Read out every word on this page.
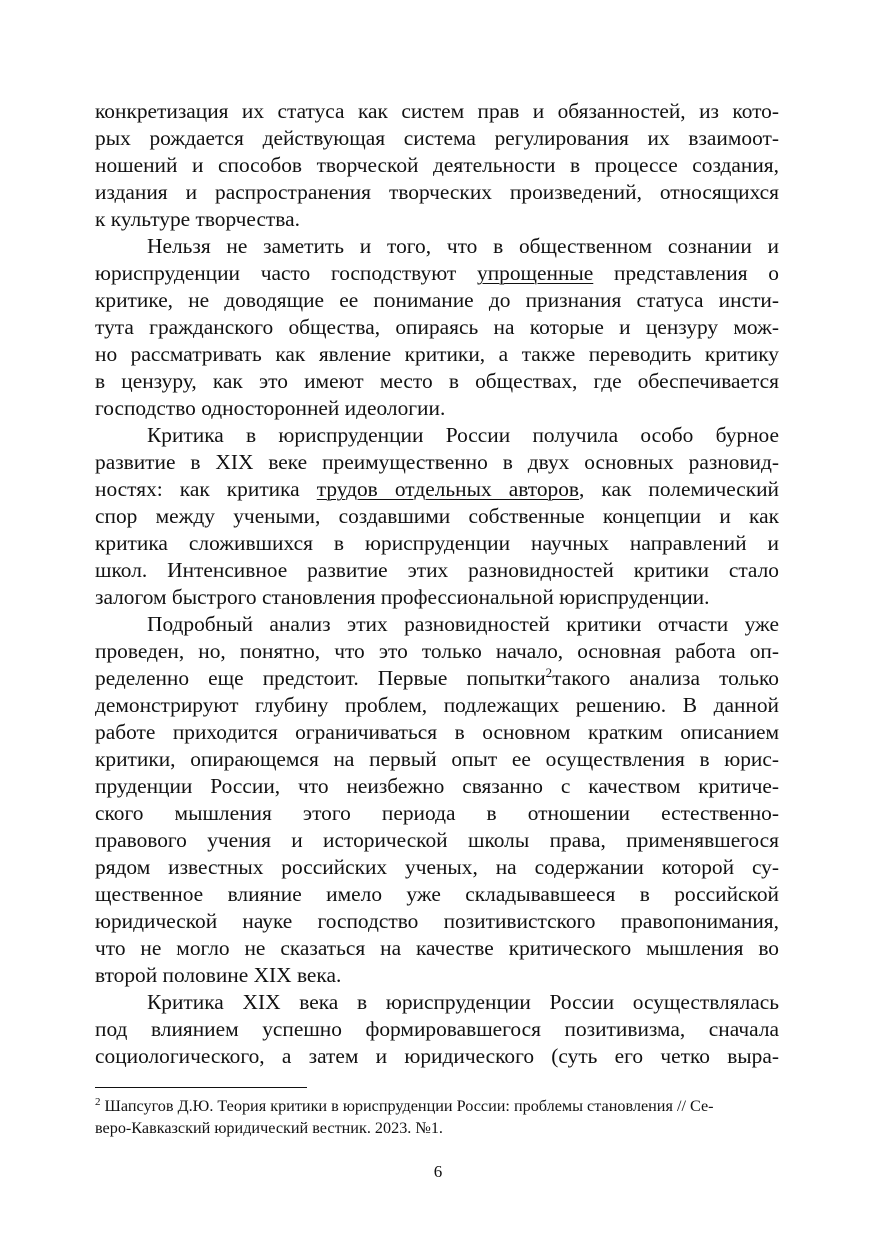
конкретизация их статуса как систем прав и обязанностей, из кото-
рых рождается действующая система регулирования их взаимоот-
ношений и способов творческой деятельности в процессе создания,
издания и распространения творческих произведений, относящихся
к культуре творчества.
Нельзя не заметить и того, что в общественном сознании и
юриспруденции часто господствуют упрощенные представления о
критике, не доводящие ее понимание до признания статуса инсти-
тута гражданского общества, опираясь на которые и цензуру мож-
но рассматривать как явление критики, а также переводить критику
в цензуру, как это имеют место в обществах, где обеспечивается
господство односторонней идеологии.
Критика в юриспруденции России получила особо бурное
развитие в XIX веке преимущественно в двух основных разновид-
ностях: как критика трудов отдельных авторов, как полемический
спор между учеными, создавшими собственные концепции и как
критика сложившихся в юриспруденции научных направлений и
школ. Интенсивное развитие этих разновидностей критики стало
залогом быстрого становления профессиональной юриспруденции.
Подробный анализ этих разновидностей критики отчасти уже
проведен, но, понятно, что это только начало, основная работа оп-
ределенно еще предстоит. Первые попытки$^2$такого анализа только
демонстрируют глубину проблем, подлежащих решению. В данной
работе приходится ограничиваться в основном кратким описанием
критики, опирающемся на первый опыт ее осуществления в юрис-
пруденции России, что неизбежно связанно с качеством критиче-
ского мышления этого периода в отношении естественно-
правового учения и исторической школы права, применявшегося
рядом известных российских ученых, на содержании которой су-
щественное влияние имело уже складывавшееся в российской
юридической науке господство позитивистского правопонимания,
что не могло не сказаться на качестве критического мышления во
второй половине XIX века.
Критика XIX века в юриспруденции России осуществлялась
под влиянием успешно формировавшегося позитивизма, сначала
социологического, а затем и юридического (суть его четко выра-
$^2$ Шапсугов Д.Ю. Теория критики в юриспруденции России: проблемы становления // Се-
веро-Кавказский юридический вестник. 2023. №1.
6
